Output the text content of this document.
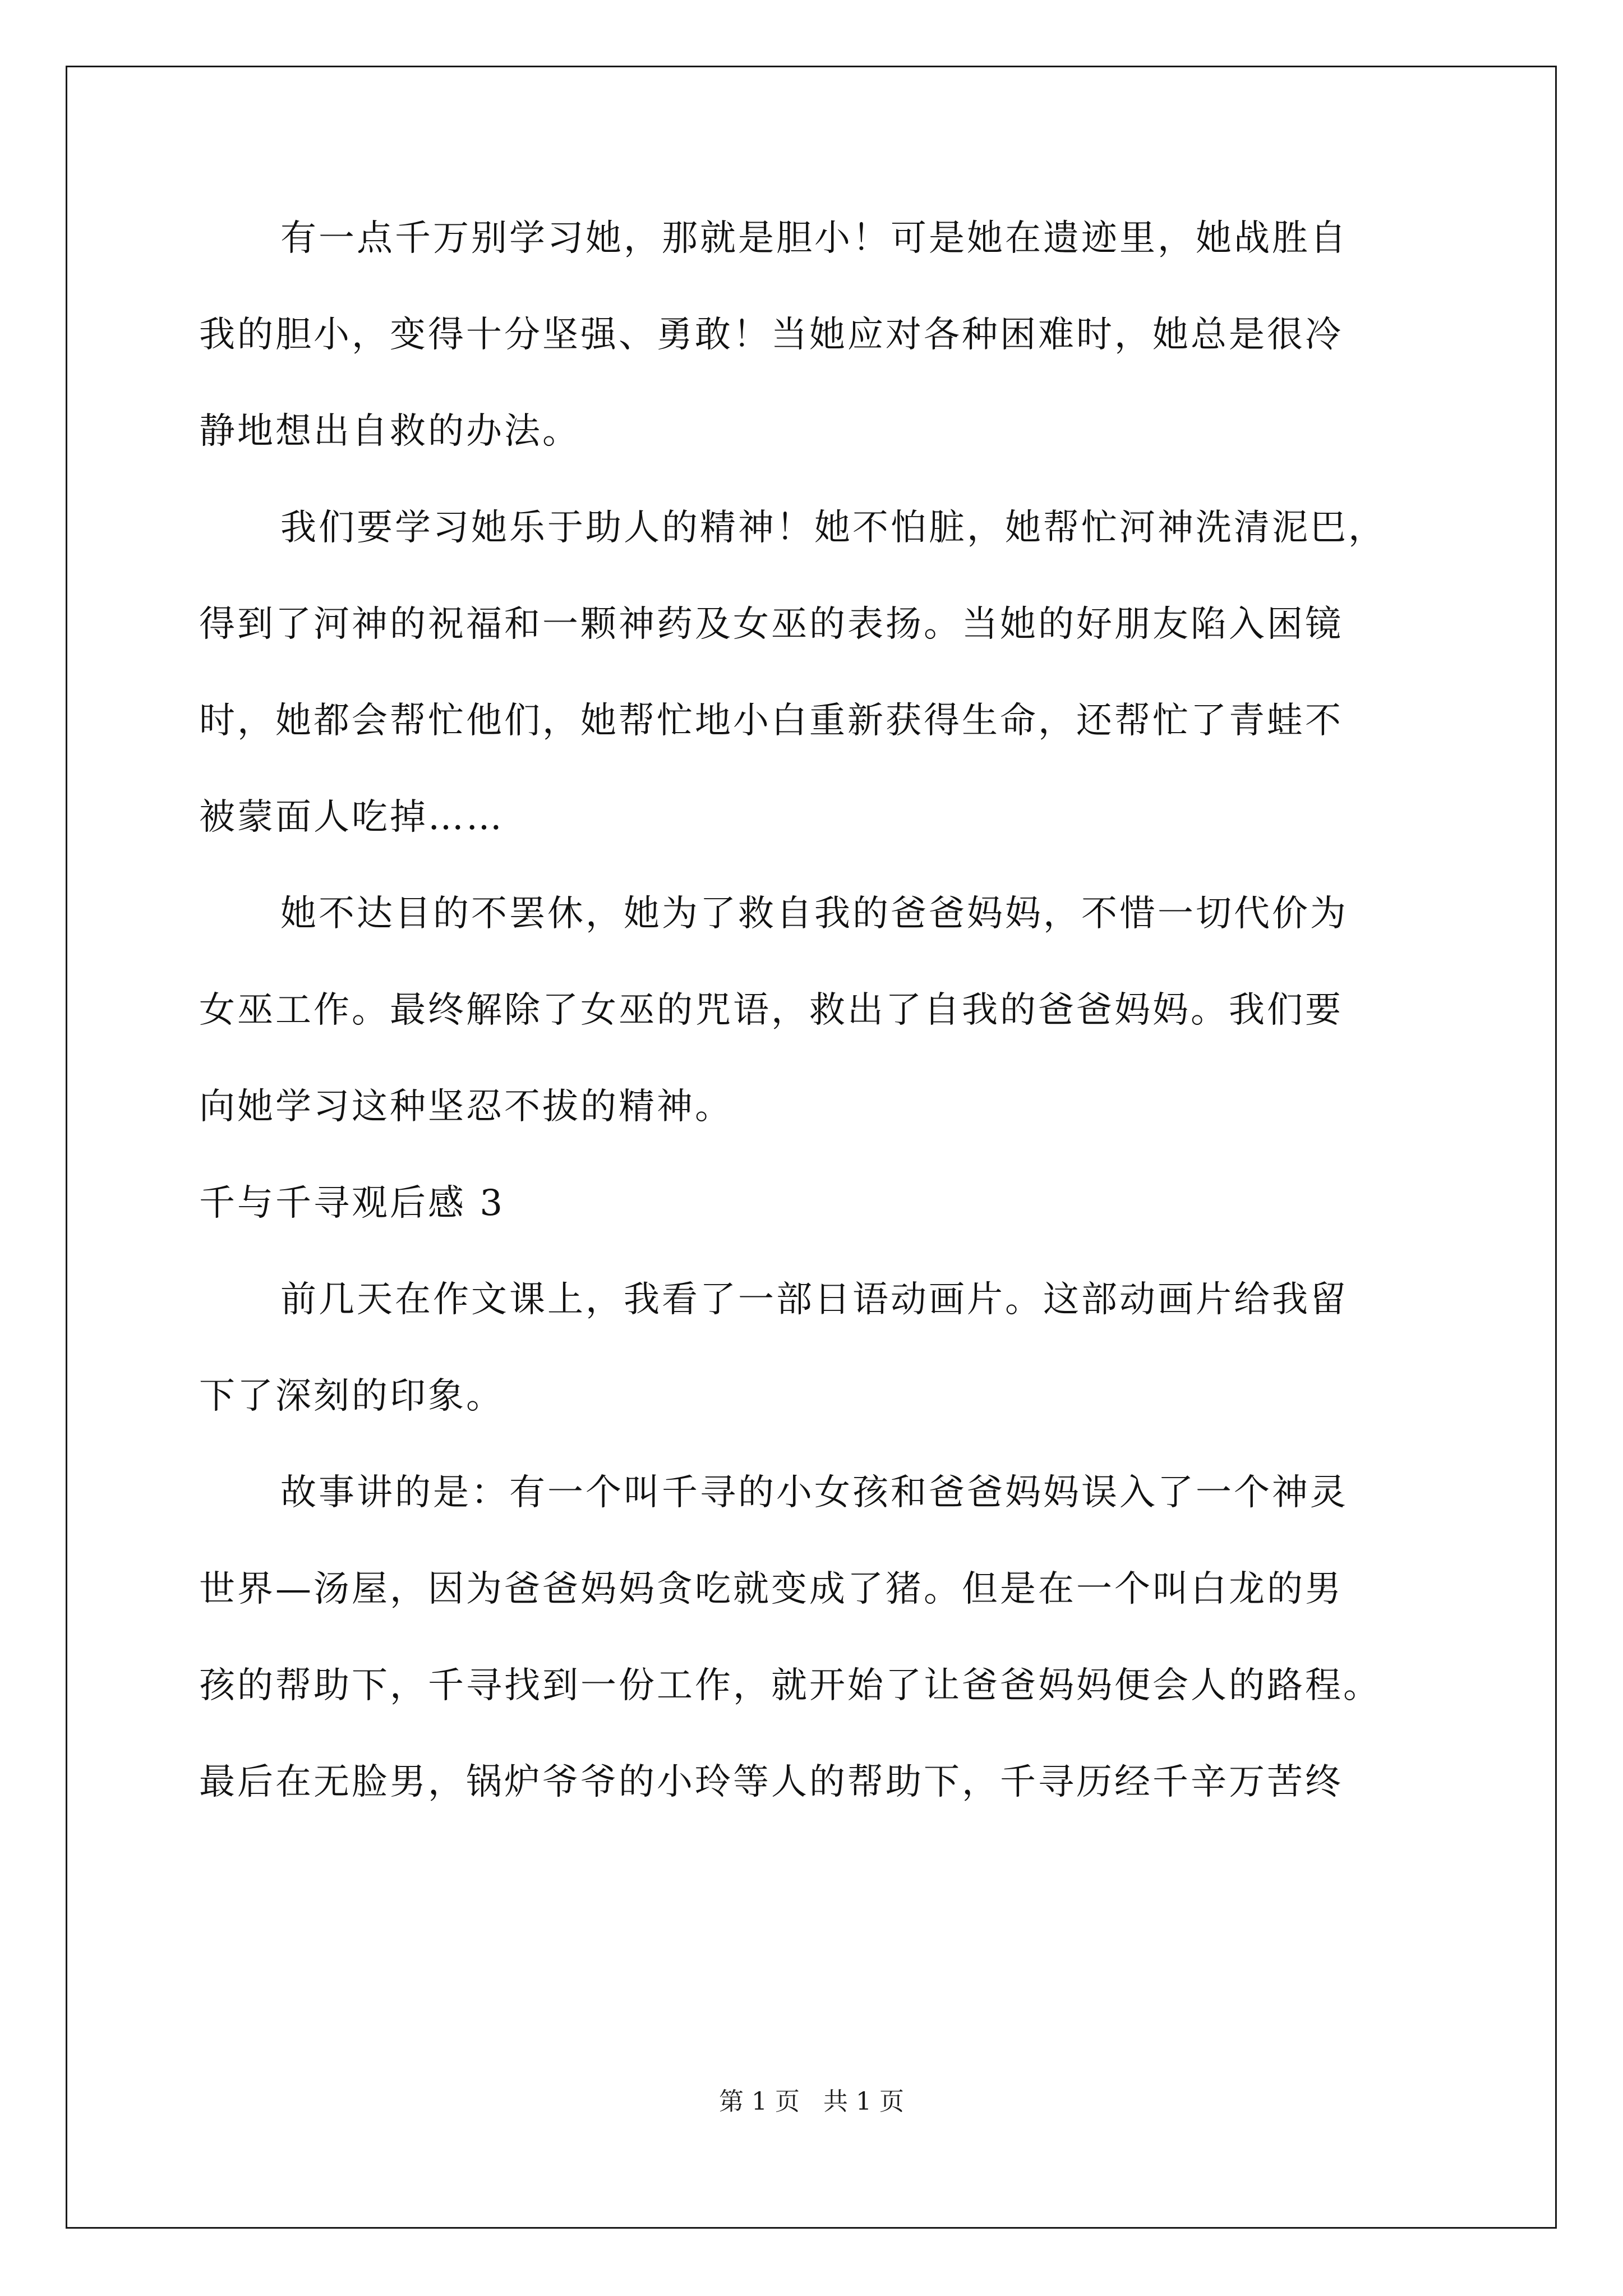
有一点千万别学习她，那就是胆小！可是她在遗迹里，她战胜自
我的胆小，变得十分坚强、勇敢！当她应对各种困难时，她总是很冷
静地想出自救的办法。
我们要学习她乐于助人的精神！她不怕脏，她帮忙河神洗清泥巴，
得到了河神的祝福和一颗神药及女巫的表扬。当她的好朋友陷入困镜
时，她都会帮忙他们，她帮忙地小白重新获得生命，还帮忙了青蛙不
被蒙面人吃掉……
她不达目的不罢休，她为了救自我的爸爸妈妈，不惜一切代价为
女巫工作。最终解除了女巫的咒语，救出了自我的爸爸妈妈。我们要
向她学习这种坚忍不拔的精神。
千与千寻观后感 3
前几天在作文课上，我看了一部日语动画片。这部动画片给我留
下了深刻的印象。
故事讲的是：有一个叫千寻的小女孩和爸爸妈妈误入了一个神灵
世界—汤屋，因为爸爸妈妈贪吃就变成了猪。但是在一个叫白龙的男
孩的帮助下，千寻找到一份工作，就开始了让爸爸妈妈便会人的路程。
最后在无脸男，锅炉爷爷的小玲等人的帮助下，千寻历经千辛万苦终
第 1 页   共 1 页
